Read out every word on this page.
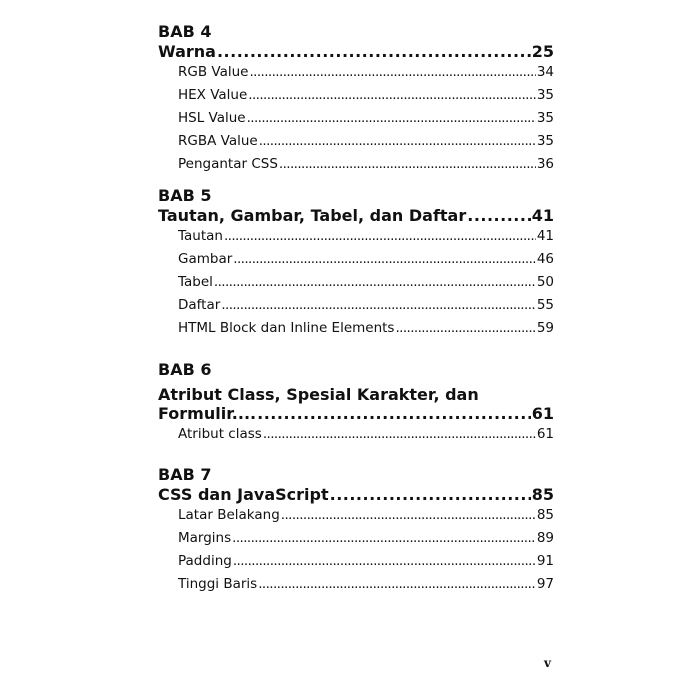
BAB 4
Warna .....	25
RGB Value .....	34
HEX Value .....	35
HSL Value .....	35
RGBA Value .....	35
Pengantar CSS .....	36
BAB 5
Tautan, Gambar, Tabel, dan Daftar .....	41
Tautan .....	41
Gambar .....	46
Tabel .....	50
Daftar .....	55
HTML Block dan Inline Elements .....	59
BAB 6
Atribut Class, Spesial Karakter, dan
Formulir.... .....	61
Atribut class .....	61
BAB 7
CSS dan JavaScript .....	85
Latar Belakang .....	85
Margins .....	89
Padding .....	91
Tinggi Baris .....	97
v
